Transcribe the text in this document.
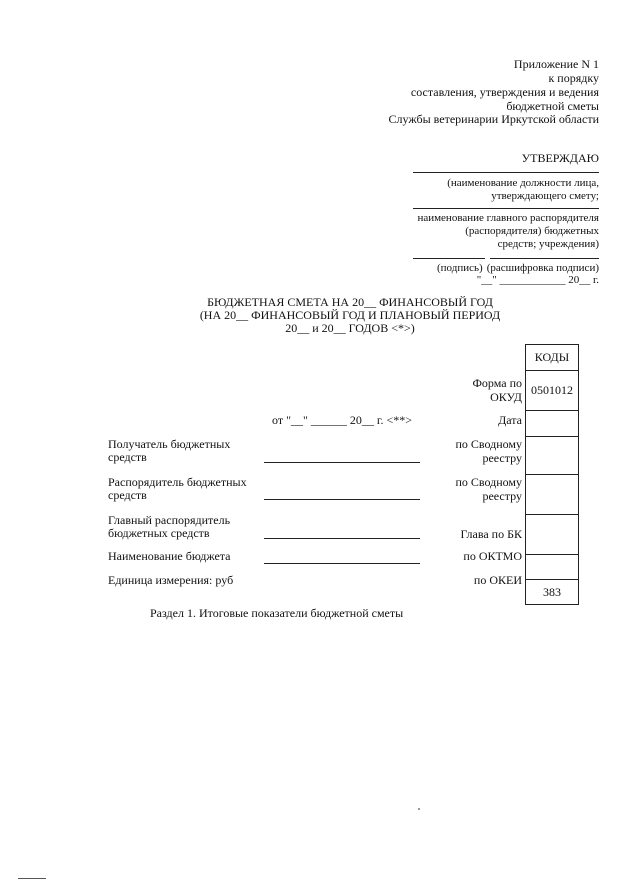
Приложение N 1
к порядку
составления, утверждения и ведения
бюджетной сметы
Службы ветеринарии Иркутской области
УТВЕРЖДАЮ
(наименование должности лица,
утверждающего смету;
наименование главного распорядителя
(распорядителя) бюджетных
средств; учреждения)
(подпись) (расшифровка подписи)
"__" ____________ 20__ г.
БЮДЖЕТНАЯ СМЕТА НА 20__ ФИНАНСОВЫЙ ГОД
(НА 20__ ФИНАНСОВЫЙ ГОД И ПЛАНОВЫЙ ПЕРИОД
20__ и 20__ ГОДОВ <*>)
КОДЫ
0501012
383
Форма по
ОКУД
Дата
по Сводному
реестру
по Сводному
реестру
Глава по БК
по ОКТМО
по ОКЕИ
от "__" ______ 20__ г. <**>
Получатель бюджетных средств
Распорядитель бюджетных средств
Главный распорядитель бюджетных средств
Наименование бюджета
Единица измерения: руб
Раздел 1. Итоговые показатели бюджетной сметы
